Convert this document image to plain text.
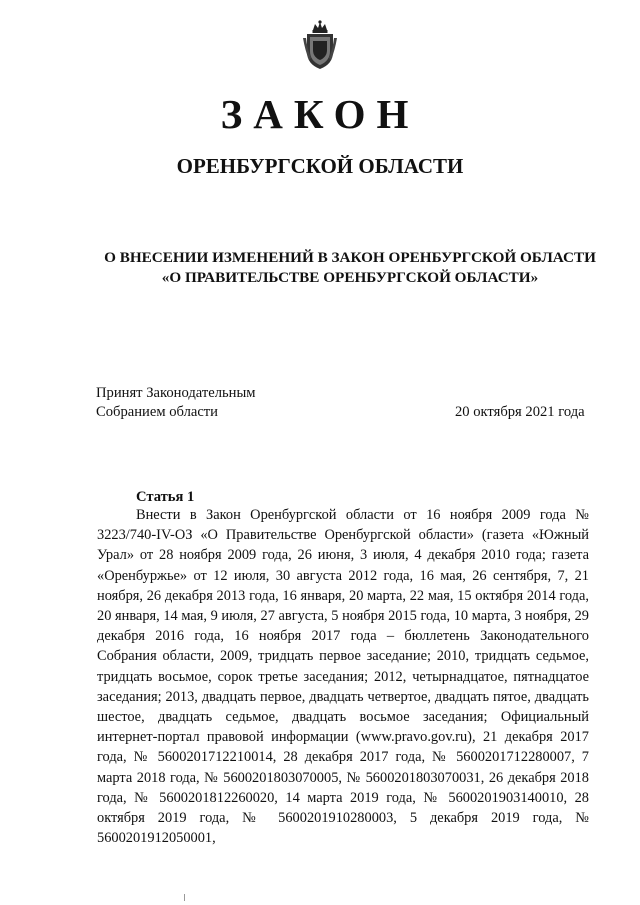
ЗАКОН
ОРЕНБУРГСКОЙ ОБЛАСТИ
О ВНЕСЕНИИ ИЗМЕНЕНИЙ В ЗАКОН ОРЕНБУРГСКОЙ ОБЛАСТИ
«О ПРАВИТЕЛЬСТВЕ ОРЕНБУРГСКОЙ ОБЛАСТИ»
Принят Законодательным
Собранием области	20 октября 2021 года
Статья 1

Внести в Закон Оренбургской области от 16 ноября 2009 года № 3223/740-IV-ОЗ «О Правительстве Оренбургской области» (газета «Южный Урал» от 28 ноября 2009 года, 26 июня, 3 июля, 4 декабря 2010 года; газета «Оренбуржье» от 12 июля, 30 августа 2012 года, 16 мая, 26 сентября, 7, 21 ноября, 26 декабря 2013 года, 16 января, 20 марта, 22 мая, 15 октября 2014 года, 20 января, 14 мая, 9 июля, 27 августа, 5 ноября 2015 года, 10 марта, 3 ноября, 29 декабря 2016 года, 16 ноября 2017 года – бюллетень Законодательного Собрания области, 2009, тридцать первое заседание; 2010, тридцать седьмое, тридцать восьмое, сорок третье заседания; 2012, четырнадцатое, пятнадцатое заседания; 2013, двадцать первое, двадцать четвертое, двадцать пятое, двадцать шестое, двадцать седьмое, двадцать восьмое заседания; Официальный интернет-портал правовой информации (www.pravo.gov.ru), 21 декабря 2017 года, № 5600201712210014, 28 декабря 2017 года, № 5600201712280007, 7 марта 2018 года, № 5600201803070005, № 5600201803070031, 26 декабря 2018 года, № 5600201812260020, 14 марта 2019 года, № 5600201903140010, 28 октября 2019 года, № 5600201910280003, 5 декабря 2019 года, № 5600201912050001,
